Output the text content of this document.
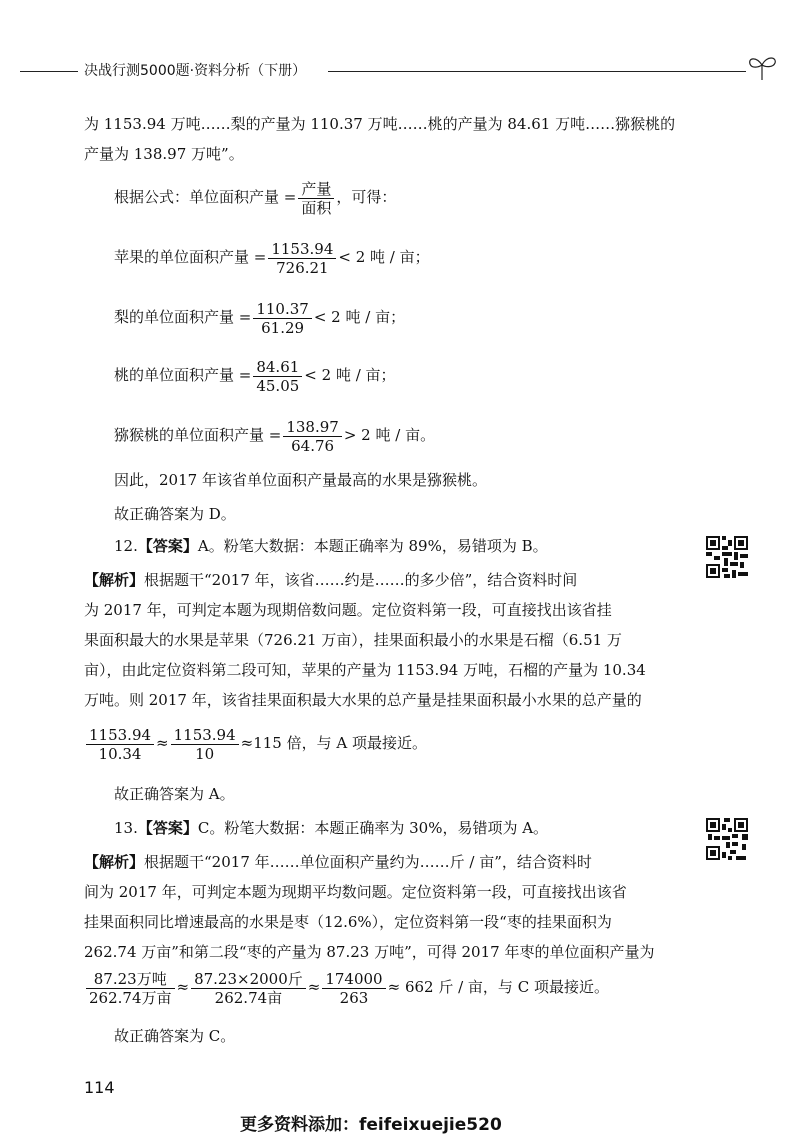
决战行测5000题·资料分析（下册）
为 1153.94 万吨……梨的产量为 110.37 万吨……桃的产量为 84.61 万吨……猕猴桃的
产量为 138.97 万吨”。
根据公式：单位面积产量 = $\frac{\text{产量}}{\text{面积}}$ ，可得：
苹果的单位面积产量 = $\frac{1153.94}{726.21} < 2$ 吨 / 亩；
梨的单位面积产量 = $\frac{110.37}{61.29} < 2$ 吨 / 亩；
桃的单位面积产量 = $\frac{84.61}{45.05} < 2$ 吨 / 亩；
猕猴桃的单位面积产量 = $\frac{138.97}{64.76} > 2$ 吨 / 亩。
因此，2017 年该省单位面积产量最高的水果是猕猴桃。
故正确答案为 D。
12.【答案】A。粉笔大数据：本题正确率为 89%，易错项为 B。
【解析】根据题干“2017 年，该省……约是……的多少倍”，结合资料时间
为 2017 年，可判定本题为现期倍数问题。定位资料第一段，可直接找出该省挂
果面积最大的水果是苹果（726.21 万亩），挂果面积最小的水果是石榴（6.51 万
亩），由此定位资料第二段可知，苹果的产量为 1153.94 万吨，石榴的产量为 10.34
万吨。则 2017 年，该省挂果面积最大水果的总产量是挂果面积最小水果的总产量的
$\frac{1153.94}{10.34} \approx \frac{1153.94}{10} \approx 115$ 倍，与 A 项最接近。
故正确答案为 A。
13.【答案】C。粉笔大数据：本题正确率为 30%，易错项为 A。
【解析】根据题干“2017 年……单位面积产量约为……斤 / 亩”，结合资料时
间为 2017 年，可判定本题为现期平均数问题。定位资料第一段，可直接找出该省
挂果面积同比增速最高的水果是枣（12.6%），定位资料第一段“枣的挂果面积为
262.74 万亩”和第二段“枣的产量为 87.23 万吨”，可得 2017 年枣的单位面积产量为
$\frac{\text{87.23万吨}}{\text{262.74万亩}} \approx \frac{\text{87.23×2000斤}}{\text{262.74亩}} \approx \frac{174000}{263} \approx 662$ 斤 / 亩，与 C 项最接近。
故正确答案为 C。
114
更多资料添加：feifeixuejie520
